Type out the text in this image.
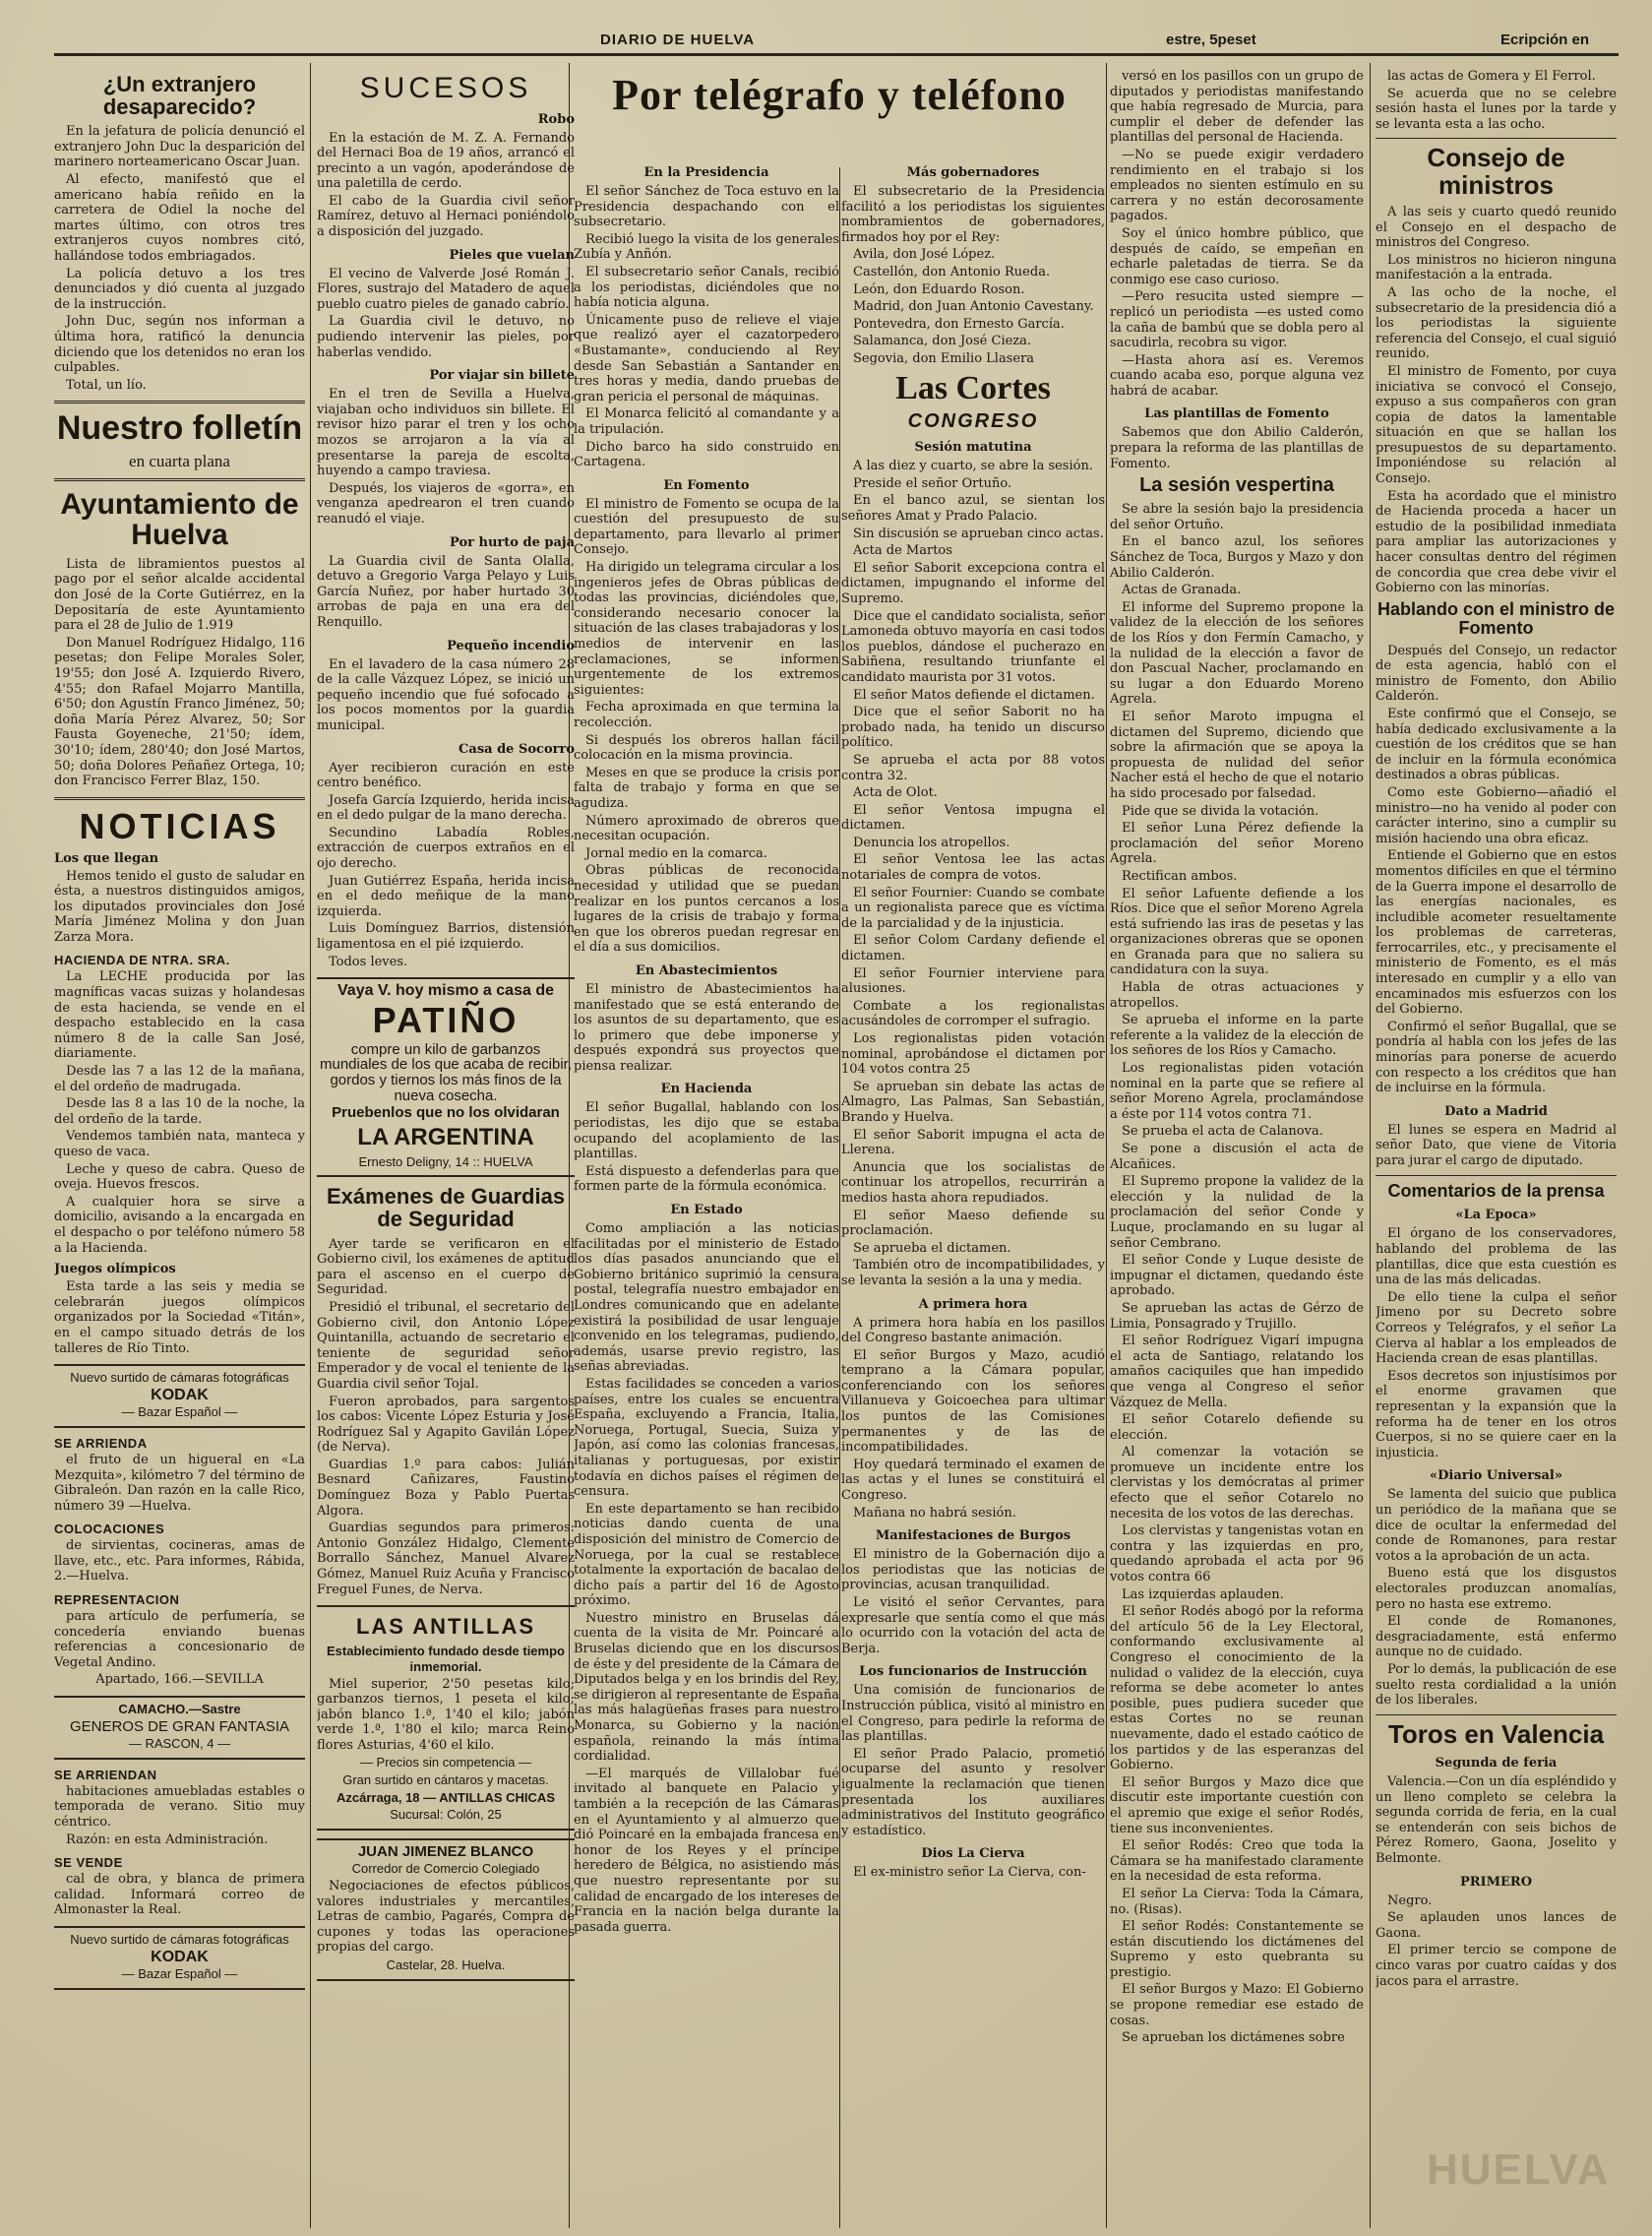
DIARIO DE HUELVA	estre, 5peset	Ecripción en
¿Un extranjero desaparecido?

En la jefatura de policía denunció el extranjero John Duc la desparición del marinero norteamericano Oscar Juan.

Al efecto, manifestó que el americano había reñido en la carretera de Odiel la noche del martes último, con otros tres extranjeros cuyos nombres citó, hallándose todos embriagados.

La policía detuvo a los tres denunciados y dió cuenta al juzgado de la instrucción.

John Duc, según nos informan a última hora, ratificó la denuncia diciendo que los detenidos no eran los culpables.

Total, un lío.

Nuestro folletín
en cuarta plana
Ayuntamiento de Huelva

Lista de libramientos puestos al pago por el señor alcalde accidental don José de la Corte Gutiérrez, en la Depositaría de este Ayuntamiento para el 28 de Julio de 1.919

Don Manuel Rodríguez Hidalgo, 116 pesetas; don Felipe Morales Soler, 19'55; don José A. Izquierdo Rivero, 4'55; don Rafael Mojarro Mantilla, 6'50; don Agustín Franco Jiménez, 50; doña María Pérez Alvarez, 50; Sor Fausta Goyeneche, 21'50; ídem, 30'10; ídem, 280'40; don José Martos, 50; doña Dolores Peñañez Ortega, 10; don Francisco Ferrer Blaz, 150.

NOTICIAS
Los que llegan

Hemos tenido el gusto de saludar en ésta, a nuestros distinguidos amigos, los diputados provinciales don José María Jiménez Molina y don Juan Zarza Mora.

HACIENDA DE NTRA. SRA.

La LECHE producida por las magníficas vacas suizas y holandesas de esta hacienda, se vende en el despacho establecido en la casa número 8 de la calle San José, diariamente.

Desde las 7 a las 12 de la mañana, el del ordeño de madrugada.

Desde las 8 a las 10 de la noche, la del ordeño de la tarde.

Vendemos también nata, manteca y queso de vaca.

Leche y queso de cabra. Queso de oveja. Huevos frescos.

A cualquier hora se sirve a domicilio, avisando a la encargada en el despacho o por teléfono número 58 a la Hacienda.

Juegos olímpicos

Esta tarde a las seis y media se celebrarán juegos olímpicos organizados por la Sociedad «Titán», en el campo situado detrás de los talleres de Río Tinto.

Nuevo surtido de cámaras fotográficas

KODAK

— Bazar Español —

SE ARRIENDA

el fruto de un higueral en «La Mezquita», kilómetro 7 del término de Gibraleón. Dan razón en la calle Rico, número 39 —Huelva.

COLOCACIONES

de sirvientas, cocineras, amas de llave, etc., etc. Para informes, Rábida, 2.—Huelva.

REPRESENTACION

para artículo de perfumería, se concedería enviando buenas referencias a concesionario de Vegetal Andino.

Apartado, 166.—SEVILLA

CAMACHO.—Sastre

GENEROS DE GRAN FANTASIA

— RASCON, 4 —

SE ARRIENDAN

habitaciones amuebladas estables o temporada de verano. Sitio muy céntrico.

Razón: en esta Administración.

SE VENDE

cal de obra, y blanca de primera calidad. Informará correo de Almonaster la Real.

Nuevo surtido de cámaras fotográficas

KODAK

— Bazar Español —

SUCESOS
Robo

En la estación de M. Z. A. Fernando del Hernaci Boa de 19 años, arrancó el precinto a un vagón, apoderándose de una paletilla de cerdo.

El cabo de la Guardia civil señor Ramírez, detuvo al Hernaci poniéndolo a disposición del juzgado.

Pieles que vuelan

El vecino de Valverde José Román J. Flores, sustrajo del Matadero de aquel pueblo cuatro pieles de ganado cabrío.

La Guardia civil le detuvo, no pudiendo intervenir las pieles, por haberlas vendido.

Por viajar sin billete

En el tren de Sevilla a Huelva, viajaban ocho individuos sin billete. El revisor hizo parar el tren y los ocho mozos se arrojaron a la vía al presentarse la pareja de escolta, huyendo a campo traviesa.

Después, los viajeros de «gorra», en venganza apedrearon el tren cuando reanudó el viaje.

Por hurto de paja

La Guardia civil de Santa Olalla, detuvo a Gregorio Varga Pelayo y Luis García Nuñez, por haber hurtado 30 arrobas de paja en una era del Renquillo.

Pequeño incendio

En el lavadero de la casa número 28 de la calle Vázquez López, se inició un pequeño incendio que fué sofocado a los pocos momentos por la guardia municipal.

Casa de Socorro

Ayer recibieron curación en este centro benéfico.

Josefa García Izquierdo, herida incisa en el dedo pulgar de la mano derecha.

Secundino Labadía Robles, extracción de cuerpos extraños en el ojo derecho.

Juan Gutiérrez España, herida incisa en el dedo meñique de la mano izquierda.

Luis Domínguez Barrios, distensión ligamentosa en el pié izquierdo.

Todos leves.

Vaya V. hoy mismo a casa de

PATIÑO

compre un kilo de garbanzos mundiales de los que acaba de recibir, gordos y tiernos los más finos de la nueva cosecha.

Pruebenlos que no los olvidaran

LA ARGENTINA

Ernesto Deligny, 14 :: HUELVA

Exámenes de Guardias de Seguridad

Ayer tarde se verificaron en el Gobierno civil, los exámenes de aptitud para el ascenso en el cuerpo de Seguridad.

Presidió el tribunal, el secretario del Gobierno civil, don Antonio López Quintanilla, actuando de secretario el teniente de seguridad señor Emperador y de vocal el teniente de la Guardia civil señor Tojal.

Fueron aprobados, para sargentos los cabos: Vicente López Esturia y José Rodríguez Sal y Agapito Gavilán López (de Nerva).

Guardias 1.º para cabos: Julián Besnard Cañizares, Faustino Domínguez Boza y Pablo Puertas Algora.

Guardias segundos para primeros: Antonio González Hidalgo, Clemente Borrallo Sánchez, Manuel Alvarez Gómez, Manuel Ruiz Acuña y Francisco Freguel Funes, de Nerva.

LAS ANTILLAS

Establecimiento fundado desde tiempo inmemorial.

Miel superior, 2'50 pesetas kilo; garbanzos tiernos, 1 peseta el kilo; jabón blanco 1.ª, 1'40 el kilo; jabón verde 1.ª, 1'80 el kilo; marca Reino flores Asturias, 4'60 el kilo.

— Precios sin competencia —

Gran surtido en cántaros y macetas.

Azcárraga, 18 — ANTILLAS CHICAS

Sucursal: Colón, 25

JUAN JIMENEZ BLANCO

Corredor de Comercio Colegiado

Negociaciones de efectos públicos, valores industriales y mercantiles, Letras de cambio, Pagarés, Compra de cupones y todas las operaciones propias del cargo.

Castelar, 28. Huelva.

Por telégrafo y teléfono
En la Presidencia

El señor Sánchez de Toca estuvo en la Presidencia despachando con el subsecretario.

Recibió luego la visita de los generales Zubía y Anñón.

El subsecretario señor Canals, recibió a los periodistas, diciéndoles que no había noticia alguna.

Únicamente puso de relieve el viaje que realizó ayer el cazatorpedero «Bustamante», conduciendo al Rey desde San Sebastián a Santander en tres horas y media, dando pruebas de gran pericia el personal de máquinas.

El Monarca felicitó al comandante y a la tripulación.

Dicho barco ha sido construido en Cartagena.

En Fomento

El ministro de Fomento se ocupa de la cuestión del presupuesto de su departamento, para llevarlo al primer Consejo.

Ha dirigido un telegrama circular a los ingenieros jefes de Obras públicas de todas las provincias, diciéndoles que, considerando necesario conocer la situación de las clases trabajadoras y los medios de intervenir en las reclamaciones, se informen urgentemente de los extremos siguientes:

Fecha aproximada en que termina la recolección.

Si después los obreros hallan fácil colocación en la misma provincia.

Meses en que se produce la crisis por falta de trabajo y forma en que se agudiza.

Número aproximado de obreros que necesitan ocupación.

Jornal medio en la comarca.

Obras públicas de reconocida necesidad y utilidad que se puedan realizar en los puntos cercanos a los lugares de la crisis de trabajo y forma en que los obreros puedan regresar en el día a sus domicilios.

En Abastecimientos

El ministro de Abastecimientos ha manifestado que se está enterando de los asuntos de su departamento, que es lo primero que debe imponerse y después expondrá sus proyectos que piensa realizar.

En Hacienda

El señor Bugallal, hablando con los periodistas, les dijo que se estaba ocupando del acoplamiento de las plantillas.

Está dispuesto a defenderlas para que formen parte de la fórmula económica.

En Estado

Como ampliación a las noticias facilitadas por el ministerio de Estado los días pasados anunciando que el Gobierno británico suprimió la censura postal, telegrafía nuestro embajador en Londres comunicando que en adelante existirá la posibilidad de usar lenguaje convenido en los telegramas, pudiendo, además, usarse previo registro, las señas abreviadas.

Estas facilidades se conceden a varios países, entre los cuales se encuentra España, excluyendo a Francia, Italia, Noruega, Portugal, Suecia, Suiza y Japón, así como las colonias francesas, italianas y portuguesas, por existir todavía en dichos países el régimen de censura.

En este departamento se han recibido noticias dando cuenta de una disposición del ministro de Comercio de Noruega, por la cual se restablece totalmente la exportación de bacalao de dicho país a partir del 16 de Agosto próximo.

Nuestro ministro en Bruselas dá cuenta de la visita de Mr. Poincaré a Bruselas diciendo que en los discursos de éste y del presidente de la Cámara de Diputados belga y en los brindis del Rey, se dirigieron al representante de España las más halagüeñas frases para nuestro Monarca, su Gobierno y la nación española, reinando la más íntima cordialidad.

—El marqués de Villalobar fué invitado al banquete en Palacio y también a la recepción de las Cámaras en el Ayuntamiento y al almuerzo que dió Poincaré en la embajada francesa en honor de los Reyes y el príncipe heredero de Bélgica, no asistiendo más que nuestro representante por su calidad de encargado de los intereses de Francia en la nación belga durante la pasada guerra.

Más gobernadores

El subsecretario de la Presidencia facilitó a los periodistas los siguientes nombramientos de gobernadores, firmados hoy por el Rey:

Avila, don José López.

Castellón, don Antonio Rueda.

León, don Eduardo Roson.

Madrid, don Juan Antonio Cavestany.

Pontevedra, don Ernesto García.

Salamanca, don José Cieza.

Segovia, don Emilio Llasera

Las Cortes
CONGRESO
Sesión matutina

A las diez y cuarto, se abre la sesión.

Preside el señor Ortuño.

En el banco azul, se sientan los señores Amat y Prado Palacio.

Sin discusión se aprueban cinco actas.

Acta de Martos

El señor Saborit excepciona contra el dictamen, impugnando el informe del Supremo.

Dice que el candidato socialista, señor Lamoneda obtuvo mayoría en casi todos los pueblos, dándose el pucherazo en Sabiñena, resultando triunfante el candidato maurista por 31 votos.

El señor Matos defiende el dictamen.

Dice que el señor Saborit no ha probado nada, ha tenido un discurso político.

Se aprueba el acta por 88 votos contra 32.

Acta de Olot.

El señor Ventosa impugna el dictamen.

Denuncia los atropellos.

El señor Ventosa lee las actas notariales de compra de votos.

El señor Fournier: Cuando se combate a un regionalista parece que es víctima de la parcialidad y de la injusticia.

El señor Colom Cardany defiende el dictamen.

El señor Fournier interviene para alusiones.

Combate a los regionalistas acusándoles de corromper el sufragio.

Los regionalistas piden votación nominal, aprobándose el dictamen por 104 votos contra 25

Se aprueban sin debate las actas de Almagro, Las Palmas, San Sebastián, Brando y Huelva.

El señor Saborit impugna el acta de Llerena.

Anuncia que los socialistas de continuar los atropellos, recurrirán a medios hasta ahora repudiados.

El señor Maeso defiende su proclamación.

Se aprueba el dictamen.

También otro de incompatibilidades, y se levanta la sesión a la una y media.

A primera hora

A primera hora había en los pasillos del Congreso bastante animación.

El señor Burgos y Mazo, acudió temprano a la Cámara popular, conferenciando con los señores Villanueva y Goicoechea para ultimar los puntos de las Comisiones permanentes y de las de incompatibilidades.

Hoy quedará terminado el examen de las actas y el lunes se constituirá el Congreso.

Mañana no habrá sesión.

Manifestaciones de Burgos

El ministro de la Gobernación dijo a los periodistas que las noticias de provincias, acusan tranquilidad.

Le visitó el señor Cervantes, para expresarle que sentía como el que más lo ocurrido con la votación del acta de Berja.

Los funcionarios de Instrucción

Una comisión de funcionarios de Instrucción pública, visitó al ministro en el Congreso, para pedirle la reforma de las plantillas.

El señor Prado Palacio, prometió ocuparse del asunto y resolver igualmente la reclamación que tienen presentada los auxiliares administrativos del Instituto geográfico y estadístico.

Dios La Cierva

El ex-ministro señor La Cierva, con-

versó en los pasillos con un grupo de diputados y periodistas manifestando que había regresado de Murcia, para cumplir el deber de defender las plantillas del personal de Hacienda.

—No se puede exigir verdadero rendimiento en el trabajo si los empleados no sienten estímulo en su carrera y no están decorosamente pagados.

Soy el único hombre público, que después de caído, se empeñan en echarle paletadas de tierra. Se da conmigo ese caso curioso.

—Pero resucita usted siempre —replicó un periodista —es usted como la caña de bambú que se dobla pero al sacudirla, recobra su vigor.

—Hasta ahora así es. Veremos cuando acaba eso, porque alguna vez habrá de acabar.

Las plantillas de Fomento

Sabemos que don Abilio Calderón, prepara la reforma de las plantillas de Fomento.

La sesión vespertina

Se abre la sesión bajo la presidencia del señor Ortuño.

En el banco azul, los señores Sánchez de Toca, Burgos y Mazo y don Abilio Calderón.

Actas de Granada.

El informe del Supremo propone la validez de la elección de los señores de los Ríos y don Fermín Camacho, y la nulidad de la elección a favor de don Pascual Nacher, proclamando en su lugar a don Eduardo Moreno Agrela.

El señor Maroto impugna el dictamen del Supremo, diciendo que sobre la afirmación que se apoya la propuesta de nulidad del señor Nacher está el hecho de que el notario ha sido procesado por falsedad.

Pide que se divida la votación.

El señor Luna Pérez defiende la proclamación del señor Moreno Agrela.

Rectifican ambos.

El señor Lafuente defiende a los Ríos. Dice que el señor Moreno Agrela está sufriendo las iras de pesetas y las organizaciones obreras que se oponen en Granada para que no saliera su candidatura con la suya.

Habla de otras actuaciones y atropellos.

Se aprueba el informe en la parte referente a la validez de la elección de los señores de los Ríos y Camacho.

Los regionalistas piden votación nominal en la parte que se refiere al señor Moreno Agrela, proclamándose a éste por 114 votos contra 71.

Se prueba el acta de Calanova.

Se pone a discusión el acta de Alcañices.

El Supremo propone la validez de la elección y la nulidad de la proclamación del señor Conde y Luque, proclamando en su lugar al señor Cembrano.

El señor Conde y Luque desiste de impugnar el dictamen, quedando éste aprobado.

Se aprueban las actas de Gérzo de Limia, Ponsagrado y Trujillo.

El señor Rodríguez Vigarí impugna el acta de Santiago, relatando los amaños caciquiles que han impedido que venga al Congreso el señor Vázquez de Mella.

El señor Cotarelo defiende su elección.

Al comenzar la votación se promueve un incidente entre los clervistas y los demócratas al primer efecto que el señor Cotarelo no necesita de los votos de las derechas.

Los clervistas y tangenistas votan en contra y las izquierdas en pro, quedando aprobada el acta por 96 votos contra 66

Las izquierdas aplauden.

El señor Rodés abogó por la reforma del artículo 56 de la Ley Electoral, conformando exclusivamente al Congreso el conocimiento de la nulidad o validez de la elección, cuya reforma se debe acometer lo antes posible, pues pudiera suceder que estas Cortes no se reunan nuevamente, dado el estado caótico de los partidos y de las esperanzas del Gobierno.

El señor Burgos y Mazo dice que discutir este importante cuestión con el apremio que exige el señor Rodés, tiene sus inconvenientes.

El señor Rodés: Creo que toda la Cámara se ha manifestado claramente en la necesidad de esta reforma.

El señor La Cierva: Toda la Cámara, no. (Risas).

El señor Rodés: Constantemente se están discutiendo los dictámenes del Supremo y esto quebranta su prestigio.

El señor Burgos y Mazo: El Gobierno se propone remediar ese estado de cosas.

Se aprueban los dictámenes sobre

las actas de Gomera y El Ferrol.

Se acuerda que no se celebre sesión hasta el lunes por la tarde y se levanta esta a las ocho.

Consejo de ministros

A las seis y cuarto quedó reunido el Consejo en el despacho de ministros del Congreso.

Los ministros no hicieron ninguna manifestación a la entrada.

A las ocho de la noche, el subsecretario de la presidencia dió a los periodistas la siguiente referencia del Consejo, el cual siguió reunido.

El ministro de Fomento, por cuya iniciativa se convocó el Consejo, expuso a sus compañeros con gran copia de datos la lamentable situación en que se hallan los presupuestos de su departamento. Imponiéndose su relación al Consejo.

Esta ha acordado que el ministro de Hacienda proceda a hacer un estudio de la posibilidad inmediata para ampliar las autorizaciones y hacer consultas dentro del régimen de concordia que crea debe vivir el Gobierno con las minorías.

Hablando con el ministro de Fomento

Después del Consejo, un redactor de esta agencia, habló con el ministro de Fomento, don Abilio Calderón.

Este confirmó que el Consejo, se había dedicado exclusivamente a la cuestión de los créditos que se han de incluir en la fórmula económica destinados a obras públicas.

Como este Gobierno—añadió el ministro—no ha venido al poder con carácter interino, sino a cumplir su misión haciendo una obra eficaz.

Entiende el Gobierno que en estos momentos difíciles en que el término de la Guerra impone el desarrollo de las energías nacionales, es includible acometer resueltamente los problemas de carreteras, ferrocarriles, etc., y precisamente el ministerio de Fomento, es el más interesado en cumplir y a ello van encaminados mis esfuerzos con los del Gobierno.

Confirmó el señor Bugallal, que se pondría al habla con los jefes de las minorías para ponerse de acuerdo con respecto a los créditos que han de incluirse en la fórmula.

Dato a Madrid

El lunes se espera en Madrid al señor Dato, que viene de Vitoria para jurar el cargo de diputado.

Comentarios de la prensa
«La Epoca»

El órgano de los conservadores, hablando del problema de las plantillas, dice que esta cuestión es una de las más delicadas.

De ello tiene la culpa el señor Jimeno por su Decreto sobre Correos y Telégrafos, y el señor La Cierva al hablar a los empleados de Hacienda crean de esas plantillas.

Esos decretos son injustísimos por el enorme gravamen que representan y la expansión que la reforma ha de tener en los otros Cuerpos, si no se quiere caer en la injusticia.

«Diario Universal»

Se lamenta del suicio que publica un periódico de la mañana que se dice de ocultar la enfermedad del conde de Romanones, para restar votos a la aprobación de un acta.

Bueno está que los disgustos electorales produzcan anomalías, pero no hasta ese extremo.

El conde de Romanones, desgraciadamente, está enfermo aunque no de cuidado.

Por lo demás, la publicación de ese suelto resta cordialidad a la unión de los liberales.

Toros en Valencia
Segunda de feria

Valencia.—Con un día espléndido y un lleno completo se celebra la segunda corrida de feria, en la cual se entenderán con seis bichos de Pérez Romero, Gaona, Joselito y Belmonte.

PRIMERO

Negro.

Se aplauden unos lances de Gaona.

El primer tercio se compone de cinco varas por cuatro caídas y dos jacos para el arrastre.

HUELVA
